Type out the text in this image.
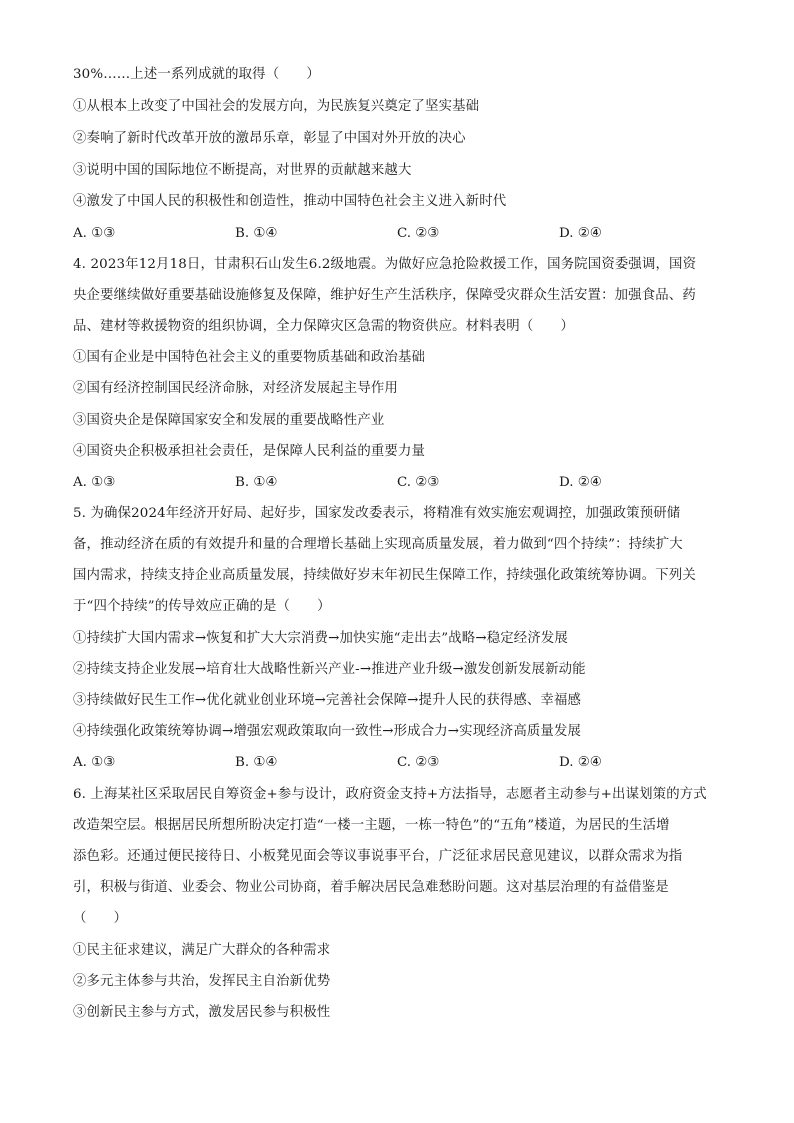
30%……上述一系列成就的取得（　　）
①从根本上改变了中国社会的发展方向，为民族复兴奠定了坚实基础
②奏响了新时代改革开放的激昂乐章，彰显了中国对外开放的决心
③说明中国的国际地位不断提高，对世界的贡献越来越大
④激发了中国人民的积极性和创造性，推动中国特色社会主义进入新时代
A. ①③	B. ①④	C. ②③	D. ②④
4. 2023年12月18日，甘肃积石山发生6.2级地震。为做好应急抢险救援工作，国务院国资委强调，国资
央企要继续做好重要基础设施修复及保障，维护好生产生活秩序，保障受灾群众生活安置：加强食品、药
品、建材等救援物资的组织协调，全力保障灾区急需的物资供应。材料表明（　　）
①国有企业是中国特色社会主义的重要物质基础和政治基础
②国有经济控制国民经济命脉，对经济发展起主导作用
③国资央企是保障国家安全和发展的重要战略性产业
④国资央企积极承担社会责任，是保障人民利益的重要力量
A. ①③	B. ①④	C. ②③	D. ②④
5. 为确保2024年经济开好局、起好步，国家发改委表示，将精准有效实施宏观调控，加强政策预研储
备，推动经济在质的有效提升和量的合理增长基础上实现高质量发展，着力做到“四个持续”：持续扩大
国内需求，持续支持企业高质量发展，持续做好岁末年初民生保障工作，持续强化政策统筹协调。下列关
于“四个持续”的传导效应正确的是（　　）
①持续扩大国内需求→恢复和扩大大宗消费→加快实施“走出去”战略→稳定经济发展
②持续支持企业发展→培育壮大战略性新兴产业-→推进产业升级→激发创新发展新动能
③持续做好民生工作→优化就业创业环境→完善社会保障→提升人民的获得感、幸福感
④持续强化政策统筹协调→增强宏观政策取向一致性→形成合力→实现经济高质量发展
A. ①③	B. ①④	C. ②③	D. ②④
6. 上海某社区采取居民自筹资金+参与设计，政府资金支持+方法指导，志愿者主动参与+出谋划策的方式
改造架空层。根据居民所想所盼决定打造“一楼一主题，一栋一特色”的“五角”楼道，为居民的生活增
添色彩。还通过便民接待日、小板凳见面会等议事说事平台，广泛征求居民意见建议，以群众需求为指
引，积极与街道、业委会、物业公司协商，着手解决居民急难愁盼问题。这对基层治理的有益借鉴是
（　　）
①民主征求建议，满足广大群众的各种需求
②多元主体参与共治，发挥民主自治新优势
③创新民主参与方式，激发居民参与积极性
